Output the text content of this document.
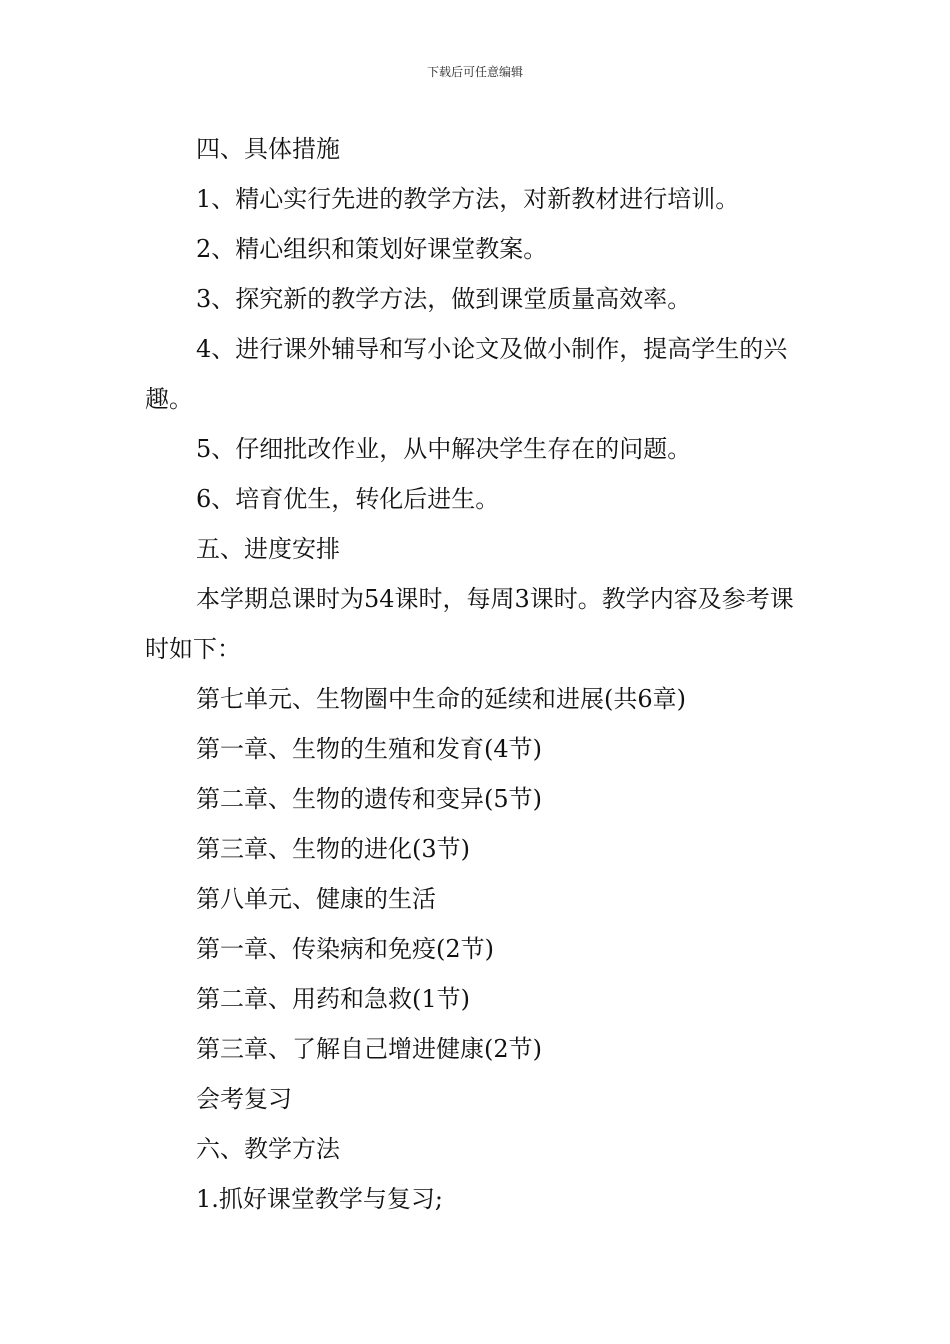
下载后可任意编辑

四、具体措施

1、精心实行先进的教学方法，对新教材进行培训。

2、精心组织和策划好课堂教案。

3、探究新的教学方法，做到课堂质量高效率。

4、进行课外辅导和写小论文及做小制作，提高学生的兴趣。

5、仔细批改作业，从中解决学生存在的问题。

6、培育优生，转化后进生。

五、进度安排

本学期总课时为54课时，每周3课时。教学内容及参考课时如下：

第七单元、生物圈中生命的延续和进展(共6章)

第一章、生物的生殖和发育(4节)

第二章、生物的遗传和变异(5节)

第三章、生物的进化(3节)

第八单元、健康的生活

第一章、传染病和免疫(2节)

第二章、用药和急救(1节)

第三章、了解自己增进健康(2节)

会考复习

六、教学方法

1.抓好课堂教学与复习;
